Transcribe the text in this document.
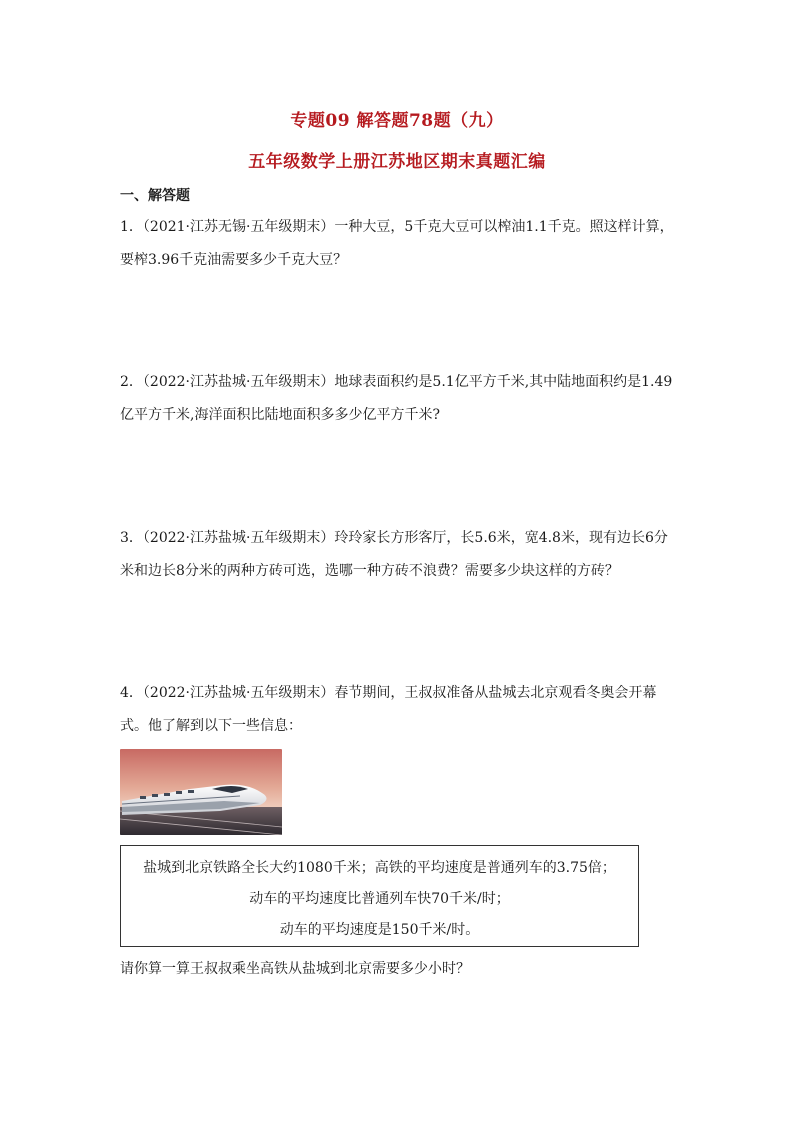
专题09 解答题78题（九）
五年级数学上册江苏地区期末真题汇编
一、解答题
1．（2021·江苏无锡·五年级期末）一种大豆，5千克大豆可以榨油1.1千克。照这样计算，要榨3.96千克油需要多少千克大豆？
2．（2022·江苏盐城·五年级期末）地球表面积约是5.1亿平方千米,其中陆地面积约是1.49亿平方千米,海洋面积比陆地面积多多少亿平方千米?
3．（2022·江苏盐城·五年级期末）玲玲家长方形客厅，长5.6米，宽4.8米，现有边长6分米和边长8分米的两种方砖可选，选哪一种方砖不浪费？需要多少块这样的方砖？
4．（2022·江苏盐城·五年级期末）春节期间，王叔叔准备从盐城去北京观看冬奥会开幕式。他了解到以下一些信息：
盐城到北京铁路全长大约1080千米；高铁的平均速度是普通列车的3.75倍；
动车的平均速度比普通列车快70千米/时；
动车的平均速度是150千米/时。
请你算一算王叔叔乘坐高铁从盐城到北京需要多少小时？
